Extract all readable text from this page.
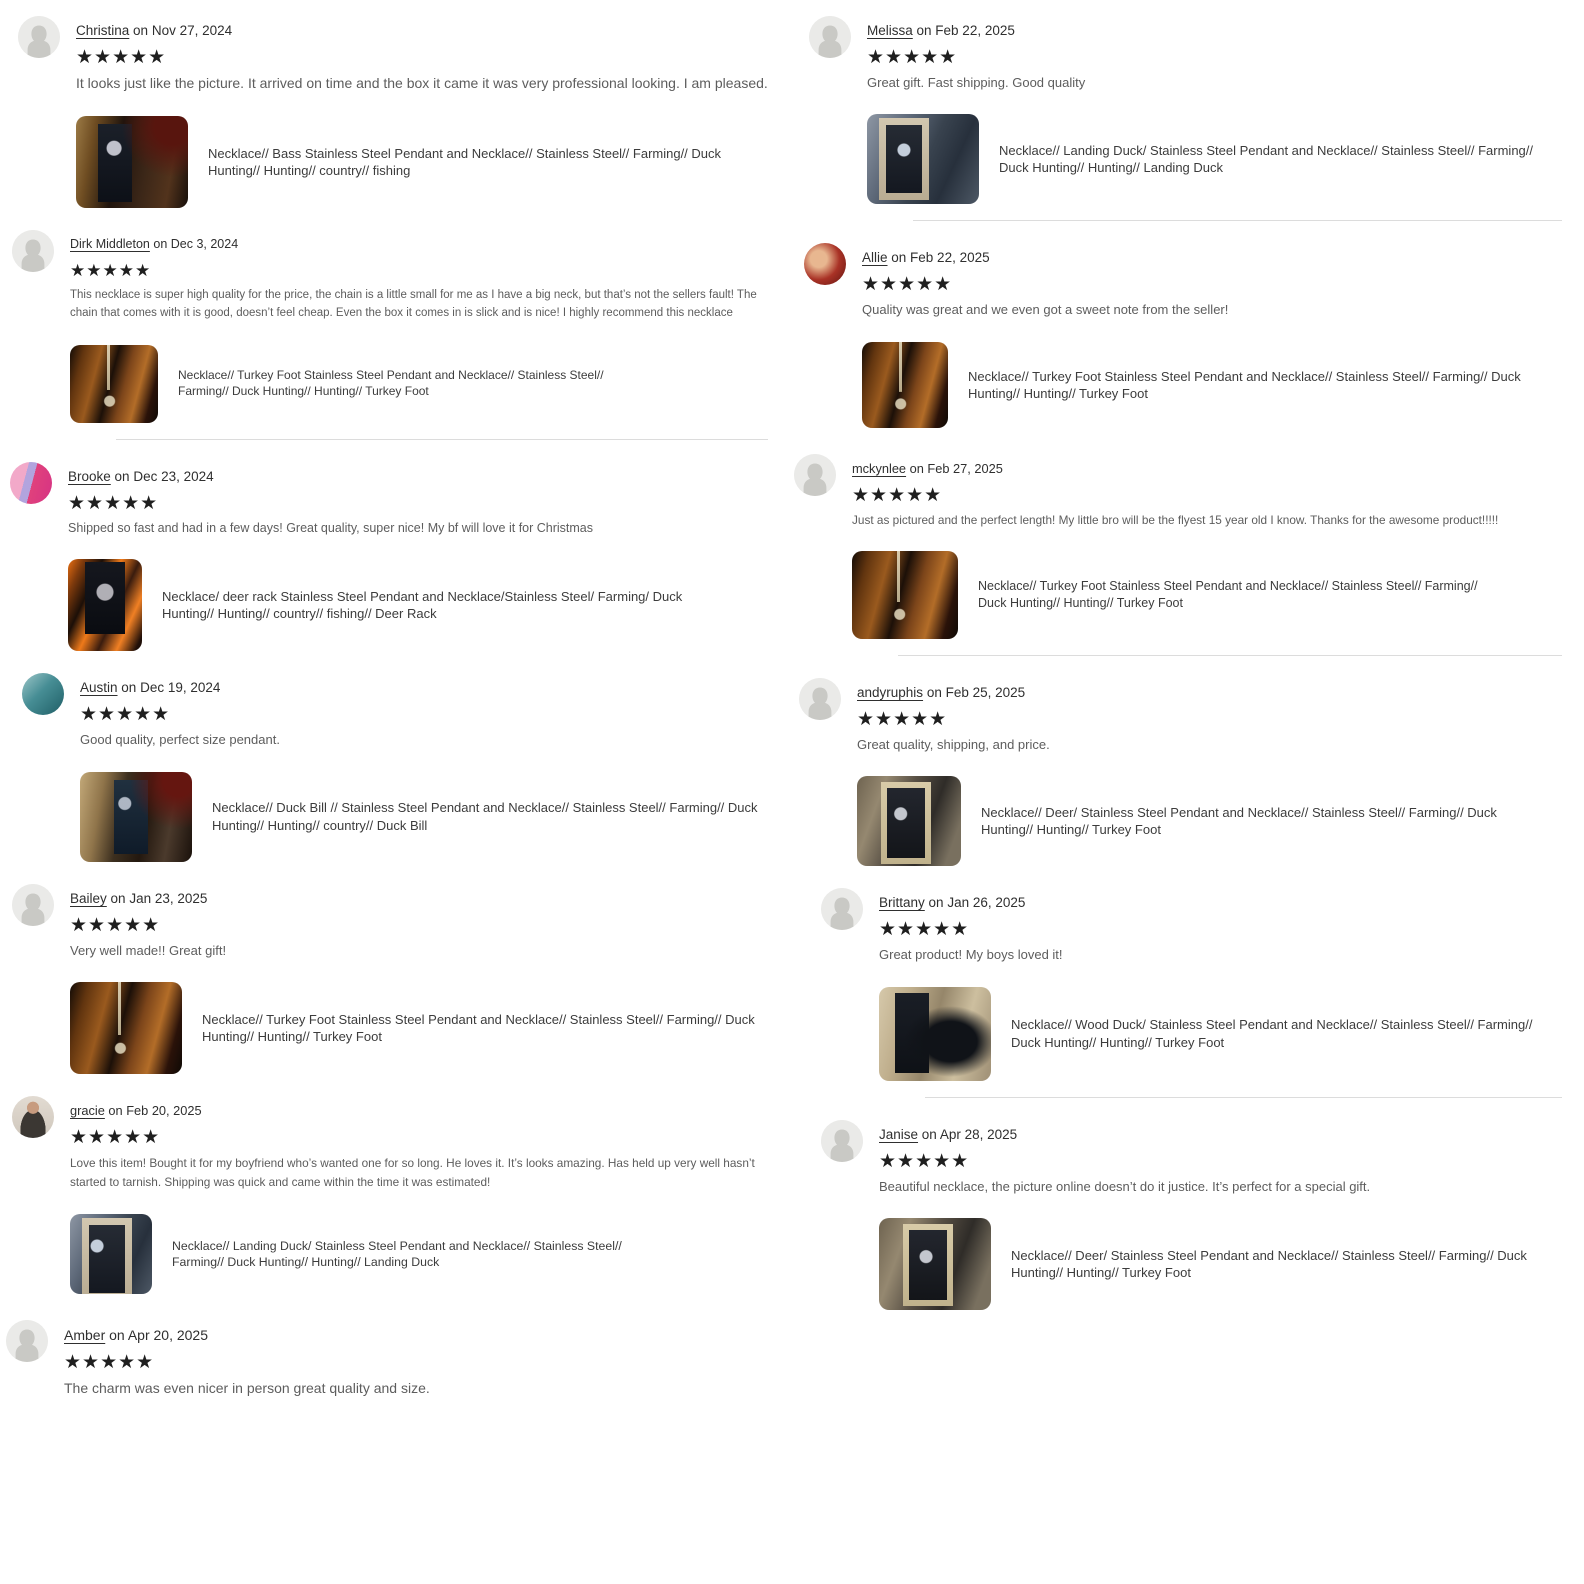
Christina on Nov 27, 2024
★★★★★

It looks just like the picture. It arrived on time and the box it came it was very professional looking. I am pleased.

Necklace// Bass Stainless Steel Pendant and Necklace// Stainless Steel// Farming// Duck Hunting// Hunting// country// fishing
Dirk Middleton on Dec 3, 2024
★★★★★

This necklace is super high quality for the price, the chain is a little small for me as I have a big neck, but that’s not the sellers fault! The chain that comes with it is good, doesn’t feel cheap. Even the box it comes in is slick and is nice! I highly recommend this necklace

Necklace// Turkey Foot Stainless Steel Pendant and Necklace// Stainless Steel// Farming// Duck Hunting// Hunting// Turkey Foot
Brooke on Dec 23, 2024
★★★★★

Shipped so fast and had in a few days! Great quality, super nice! My bf will love it for Christmas

Necklace/ deer rack Stainless Steel Pendant and Necklace/Stainless Steel/ Farming/ Duck Hunting// Hunting// country// fishing// Deer Rack
Austin on Dec 19, 2024
★★★★★

Good quality, perfect size pendant.

Necklace// Duck Bill // Stainless Steel Pendant and Necklace// Stainless Steel// Farming// Duck Hunting// Hunting// country// Duck Bill
Bailey on Jan 23, 2025
★★★★★

Very well made!! Great gift!

Necklace// Turkey Foot Stainless Steel Pendant and Necklace// Stainless Steel// Farming// Duck Hunting// Hunting// Turkey Foot
gracie on Feb 20, 2025
★★★★★

Love this item! Bought it for my boyfriend who’s wanted one for so long. He loves it. It’s looks amazing. Has held up very well hasn’t started to tarnish. Shipping was quick and came within the time it was estimated!

Necklace// Landing Duck/ Stainless Steel Pendant and Necklace// Stainless Steel// Farming// Duck Hunting// Hunting// Landing Duck
Amber on Apr 20, 2025
★★★★★

The charm was even nicer in person great quality and size.

Melissa on Feb 22, 2025
★★★★★

Great gift. Fast shipping. Good quality

Necklace// Landing Duck/ Stainless Steel Pendant and Necklace// Stainless Steel// Farming// Duck Hunting// Hunting// Landing Duck
Allie on Feb 22, 2025
★★★★★

Quality was great and we even got a sweet note from the seller!

Necklace// Turkey Foot Stainless Steel Pendant and Necklace// Stainless Steel// Farming// Duck Hunting// Hunting// Turkey Foot
mckynlee on Feb 27, 2025
★★★★★

Just as pictured and the perfect length! My little bro will be the flyest 15 year old I know. Thanks for the awesome product!!!!!

Necklace// Turkey Foot Stainless Steel Pendant and Necklace// Stainless Steel// Farming// Duck Hunting// Hunting// Turkey Foot
andyruphis on Feb 25, 2025
★★★★★

Great quality, shipping, and price.

Necklace// Deer/ Stainless Steel Pendant and Necklace// Stainless Steel// Farming// Duck Hunting// Hunting// Turkey Foot
Brittany on Jan 26, 2025
★★★★★

Great product! My boys loved it!

Necklace// Wood Duck/ Stainless Steel Pendant and Necklace// Stainless Steel// Farming// Duck Hunting// Hunting// Turkey Foot
Janise on Apr 28, 2025
★★★★★

Beautiful necklace, the picture online doesn’t do it justice. It’s perfect for a special gift.

Necklace// Deer/ Stainless Steel Pendant and Necklace// Stainless Steel// Farming// Duck Hunting// Hunting// Turkey Foot
